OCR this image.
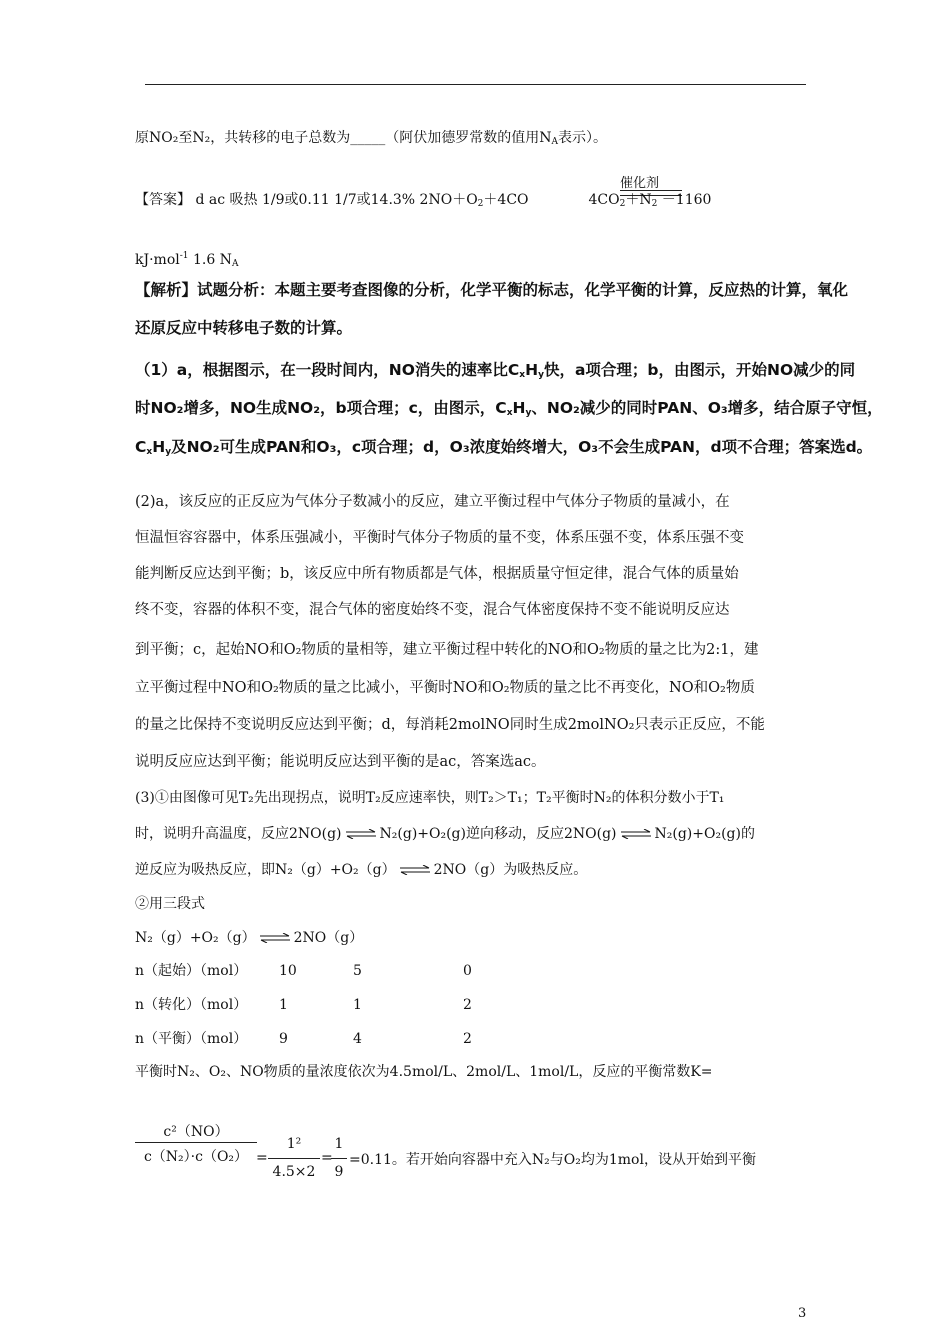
原NO₂至N₂，共转移的电子总数为_____（阿伏加德罗常数的值用$N_A$表示）。
催化剂
【答案】 d ac 吸热 1/9或0.11 1/7或14.3% $2NO+O_2+4CO$	$4CO_2+N_2 -1160$
kJ·mol$^{-1}$ 1.6 $N_A$
【解析】试题分析：本题主要考查图像的分析，化学平衡的标志，化学平衡的计算，反应热的计算，氧化
还原反应中转移电子数的计算。
（1）a，根据图示，在一段时间内，NO消失的速率比$C_xH_y$快，a项合理；b，由图示，开始NO减少的同
时NO₂增多，NO生成NO₂，b项合理；c，由图示，$C_xH_y$、NO₂减少的同时PAN、O₃增多，结合原子守恒，
$C_xH_y$及NO₂可生成PAN和O₃，c项合理；d，O₃浓度始终增大，O₃不会生成PAN，d项不合理；答案选d。
(2)a，该反应的正反应为气体分子数减小的反应，建立平衡过程中气体分子物质的量减小，在
恒温恒容容器中，体系压强减小，平衡时气体分子物质的量不变，体系压强不变，体系压强不变
能判断反应达到平衡；b，该反应中所有物质都是气体，根据质量守恒定律，混合气体的质量始
终不变，容器的体积不变，混合气体的密度始终不变，混合气体密度保持不变不能说明反应达
到平衡；c，起始NO和O₂物质的量相等，建立平衡过程中转化的NO和O₂物质的量之比为2:1，建
立平衡过程中NO和O₂物质的量之比减小，平衡时NO和O₂物质的量之比不再变化，NO和O₂物质
的量之比保持不变说明反应达到平衡；d，每消耗2molNO同时生成2molNO₂只表示正反应，不能
说明反应应达到平衡；能说明反应达到平衡的是ac，答案选ac。
(3)①由图像可见T₂先出现拐点，说明T₂反应速率快，则T₂＞T₁；T₂平衡时N₂的体积分数小于T₁
时，说明升高温度，反应2NO(g) ⇌ N₂(g)+O₂(g)逆向移动，反应2NO(g) ⇌ N₂(g)+O₂(g)的
逆反应为吸热反应，即N₂（g）+O₂（g） ⇌ 2NO（g）为吸热反应。
②用三段式
N₂（g）+O₂（g） ⇌ 2NO（g）
n（起始）（mol） 10	5	0
n（转化）（mol） 1	1	2
n（平衡）（mol） 9	4	2
平衡时N₂、O₂、NO物质的量浓度依次为4.5mol/L、2mol/L、1mol/L，反应的平衡常数K=
c²（NO）
c（N₂）·c（O₂） =
1²
4.5×2
=
1
9
=0.11。若开始向容器中充入N₂与O₂均为1mol，设从开始到平衡
3
